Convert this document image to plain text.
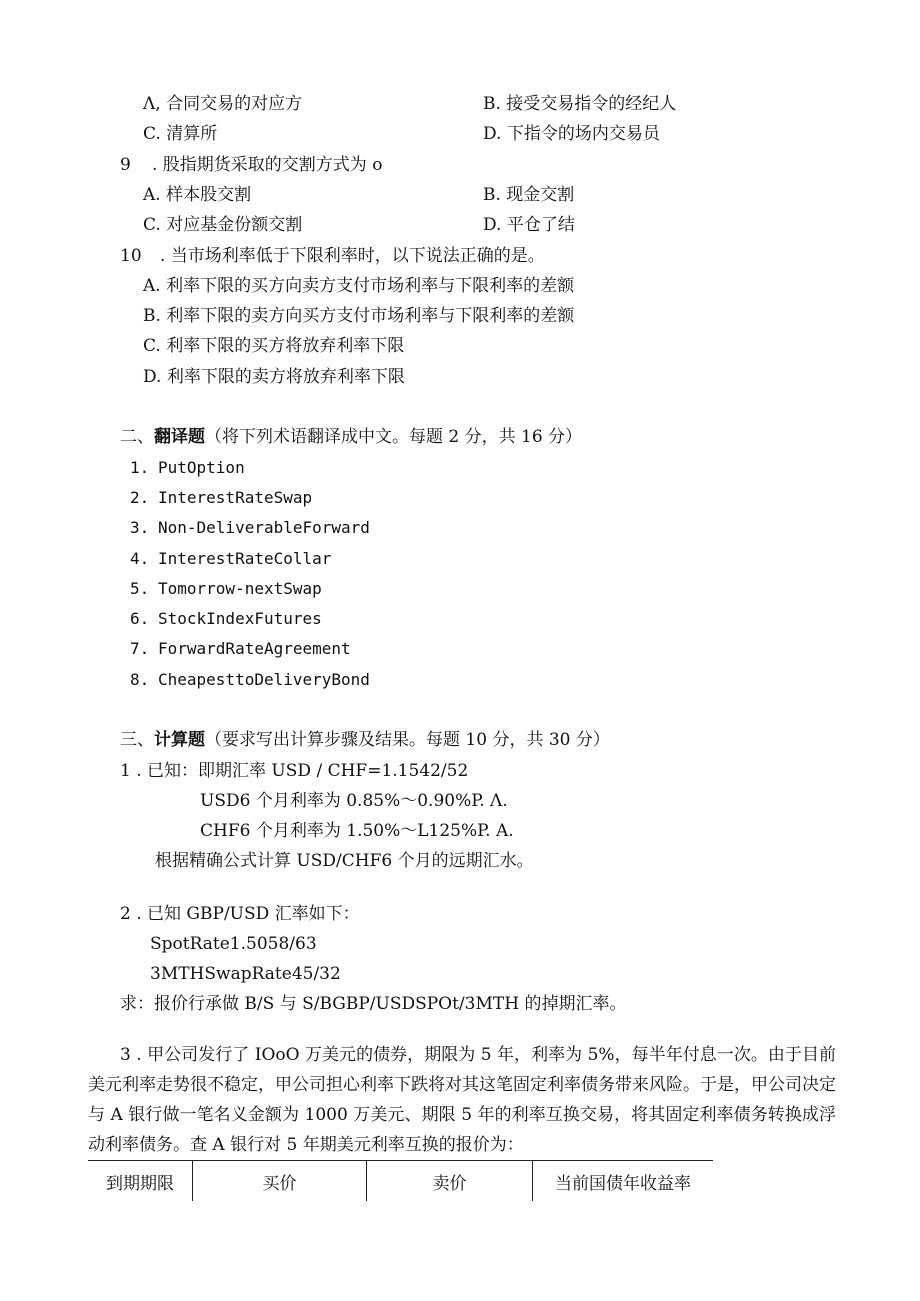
Λ, 合同交易的对应方	B. 接受交易指令的经纪人
C. 清算所	D. 下指令的场内交易员
9 . 股指期货采取的交割方式为 o
A. 样本股交割	B. 现金交割
C. 对应基金份额交割	D. 平仓了结
10 . 当市场利率低于下限利率时，以下说法正确的是。
A. 利率下限的买方向卖方支付市场利率与下限利率的差额
B. 利率下限的卖方向买方支付市场利率与下限利率的差额
C. 利率下限的买方将放弃利率下限
D. 利率下限的卖方将放弃利率下限
二、翻译题（将下列术语翻译成中文。每题 2 分，共 16 分）
1. PutOption
2. InterestRateSwap
3. Non-DeliverableForward
4. InterestRateCollar
5. Tomorrow-nextSwap
6. StockIndexFutures
7. ForwardRateAgreement
8. CheapesttoDeliveryBond
三、计算题（要求写出计算步骤及结果。每题 10 分，共 30 分）
1 . 已知：即期汇率 USD / CHF=1.1542/52
USD6 个月利率为 0.85%～0.90%P. Λ.
CHF6 个月利率为 1.50%～L125%P. A.
根据精确公式计算 USD/CHF6 个月的远期汇水。
2 . 已知 GBP/USD 汇率如下：
SpotRate1.5058/63
3MTHSwapRate45/32
求：报价行承做 B/S 与 S/BGBP/USDSPOt/3MTH 的掉期汇率。
3 . 甲公司发行了 IOoO 万美元的债券，期限为 5 年，利率为 5%，每半年付息一次。由于目前美元利率走势很不稳定，甲公司担心利率下跌将对其这笔固定利率债务带来风险。于是，甲公司决定与 A 银行做一笔名义金额为 1000 万美元、期限 5 年的利率互换交易，将其固定利率债务转换成浮动利率债务。查 A 银行对 5 年期美元利率互换的报价为：
到期期限	买价	卖价	当前国债年收益率
